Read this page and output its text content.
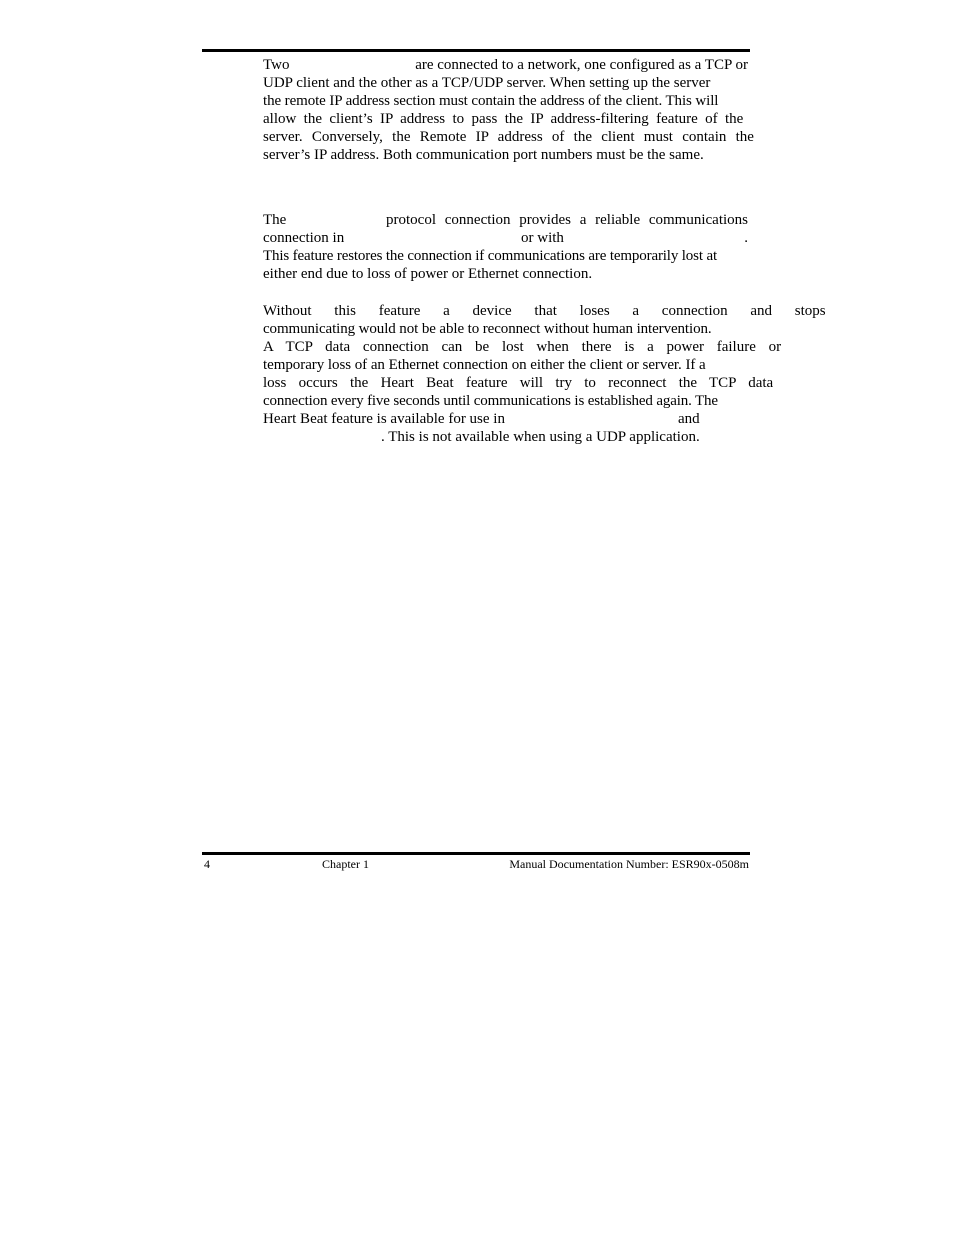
Two	are connected to a network, one configured as a TCP or
UDP client and the other as a TCP/UDP server. When setting up the server
the remote IP address section must contain the address of the client. This will
allow the client’s IP address to pass the IP address-filtering feature of the
server. Conversely, the Remote IP address of the client must contain the
server’s IP address. Both communication port numbers must be the same.
The	protocol connection provides a reliable communications
connection in	or with	.
This feature restores the connection if communications are temporarily lost at
either end due to loss of power or Ethernet connection.
Without this feature a device that loses a connection and stops
communicating would not be able to reconnect without human intervention.
A TCP data connection can be lost when there is a power failure or
temporary loss of an Ethernet connection on either the client or server. If a
loss occurs the Heart Beat feature will try to reconnect the TCP data
connection every five seconds until communications is established again. The
Heart Beat feature is available for use in	and
. This is not available when using a UDP application.
4	Chapter 1	Manual Documentation Number: ESR90x-0508m
